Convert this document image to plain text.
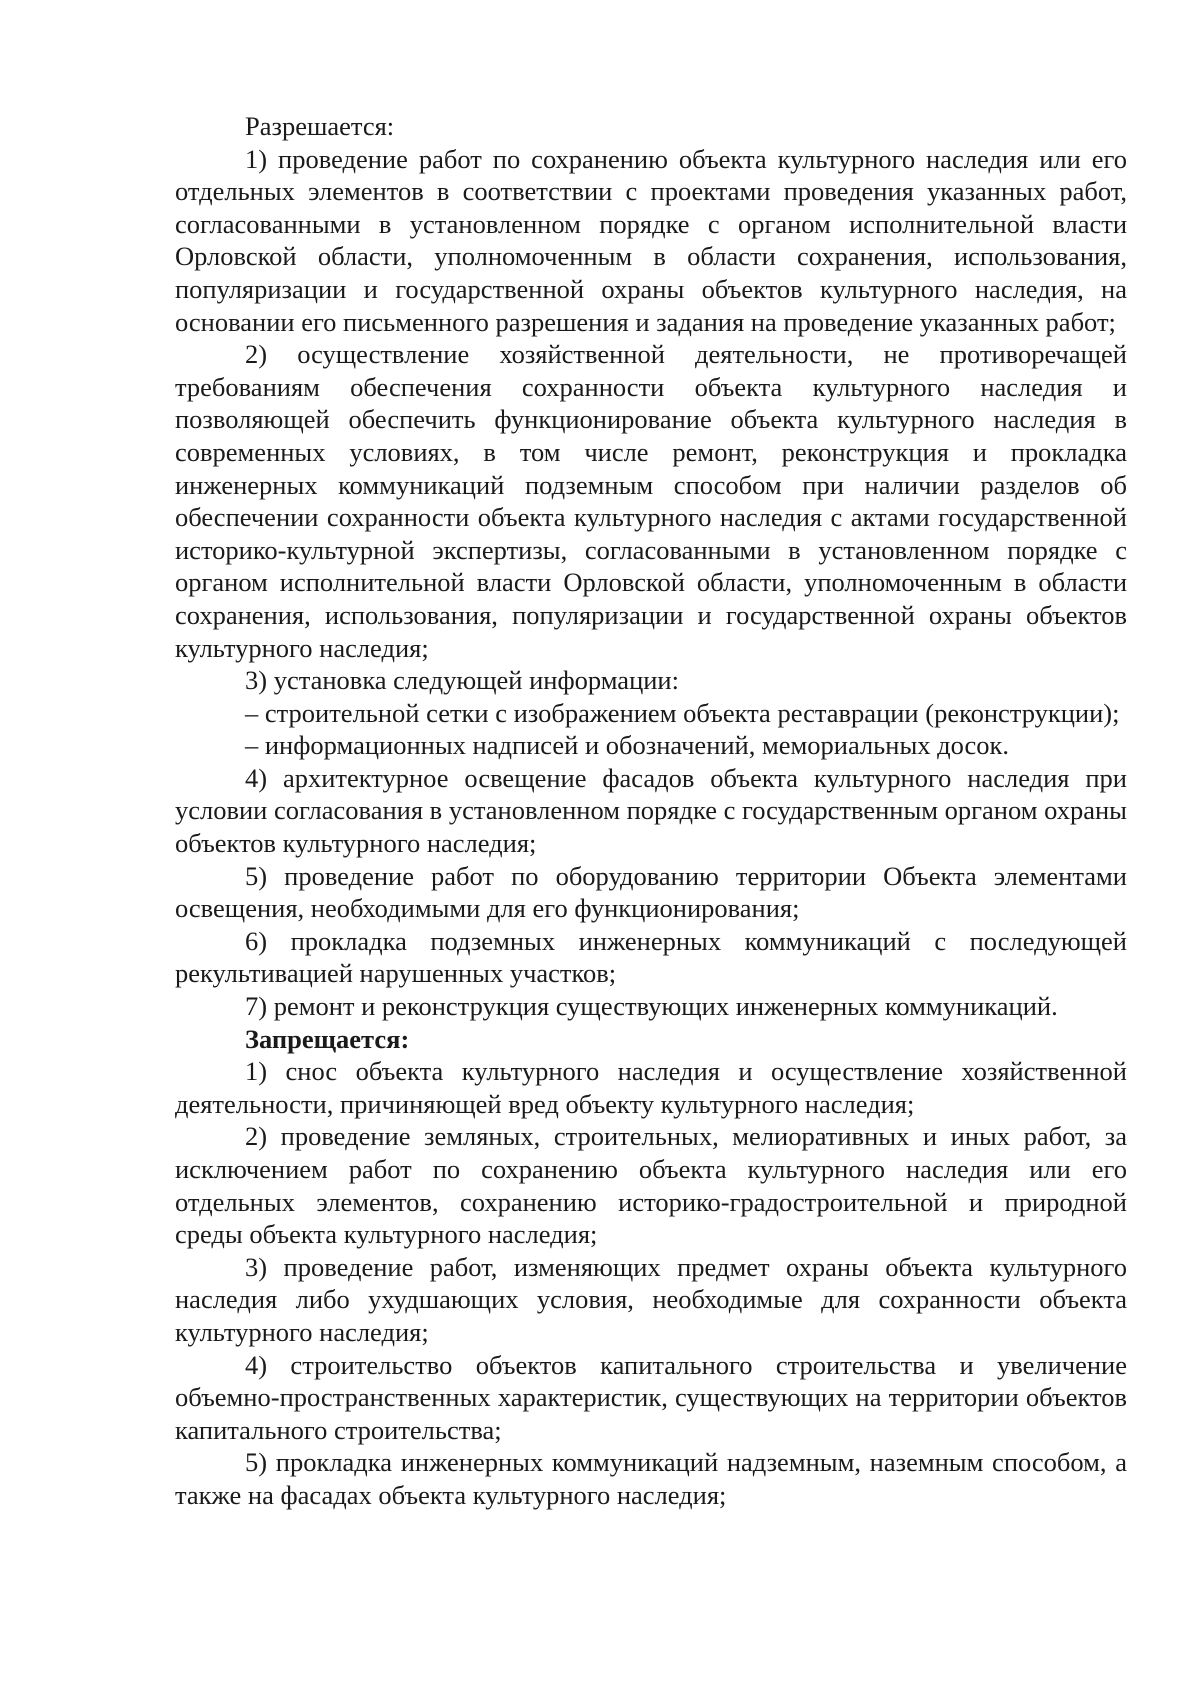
Разрешается:

1) проведение работ по сохранению объекта культурного наследия или его отдельных элементов в соответствии с проектами проведения указанных работ, согласованными в установленном порядке с органом исполнительной власти Орловской области, уполномоченным в области сохранения, использования, популяризации и государственной охраны объектов культурного наследия, на основании его письменного разрешения и задания на проведение указанных работ;

2) осуществление хозяйственной деятельности, не противоречащей требованиям обеспечения сохранности объекта культурного наследия и позволяющей обеспечить функционирование объекта культурного наследия в современных условиях, в том числе ремонт, реконструкция и прокладка инженерных коммуникаций подземным способом при наличии разделов об обеспечении сохранности объекта культурного наследия с актами государственной историко-культурной экспертизы, согласованными в установленном порядке с органом исполнительной власти Орловской области, уполномоченным в области сохранения, использования, популяризации и государственной охраны объектов культурного наследия;

3) установка следующей информации:

– строительной сетки с изображением объекта реставрации (реконструкции);

– информационных надписей и обозначений, мемориальных досок.

4) архитектурное освещение фасадов объекта культурного наследия при условии согласования в установленном порядке с государственным органом охраны объектов культурного наследия;

5) проведение работ по оборудованию территории Объекта элементами освещения, необходимыми для его функционирования;

6) прокладка подземных инженерных коммуникаций с последующей рекультивацией нарушенных участков;

7) ремонт и реконструкция существующих инженерных коммуникаций.

Запрещается:

1) снос объекта культурного наследия и осуществление хозяйственной деятельности, причиняющей вред объекту культурного наследия;

2) проведение земляных, строительных, мелиоративных и иных работ, за исключением работ по сохранению объекта культурного наследия или его отдельных элементов, сохранению историко-градостроительной и природной среды объекта культурного наследия;

3) проведение работ, изменяющих предмет охраны объекта культурного наследия либо ухудшающих условия, необходимые для сохранности объекта культурного наследия;

4) строительство объектов капитального строительства и увеличение объемно-пространственных характеристик, существующих на территории объектов капитального строительства;

5) прокладка инженерных коммуникаций надземным, наземным способом, а также на фасадах объекта культурного наследия;
